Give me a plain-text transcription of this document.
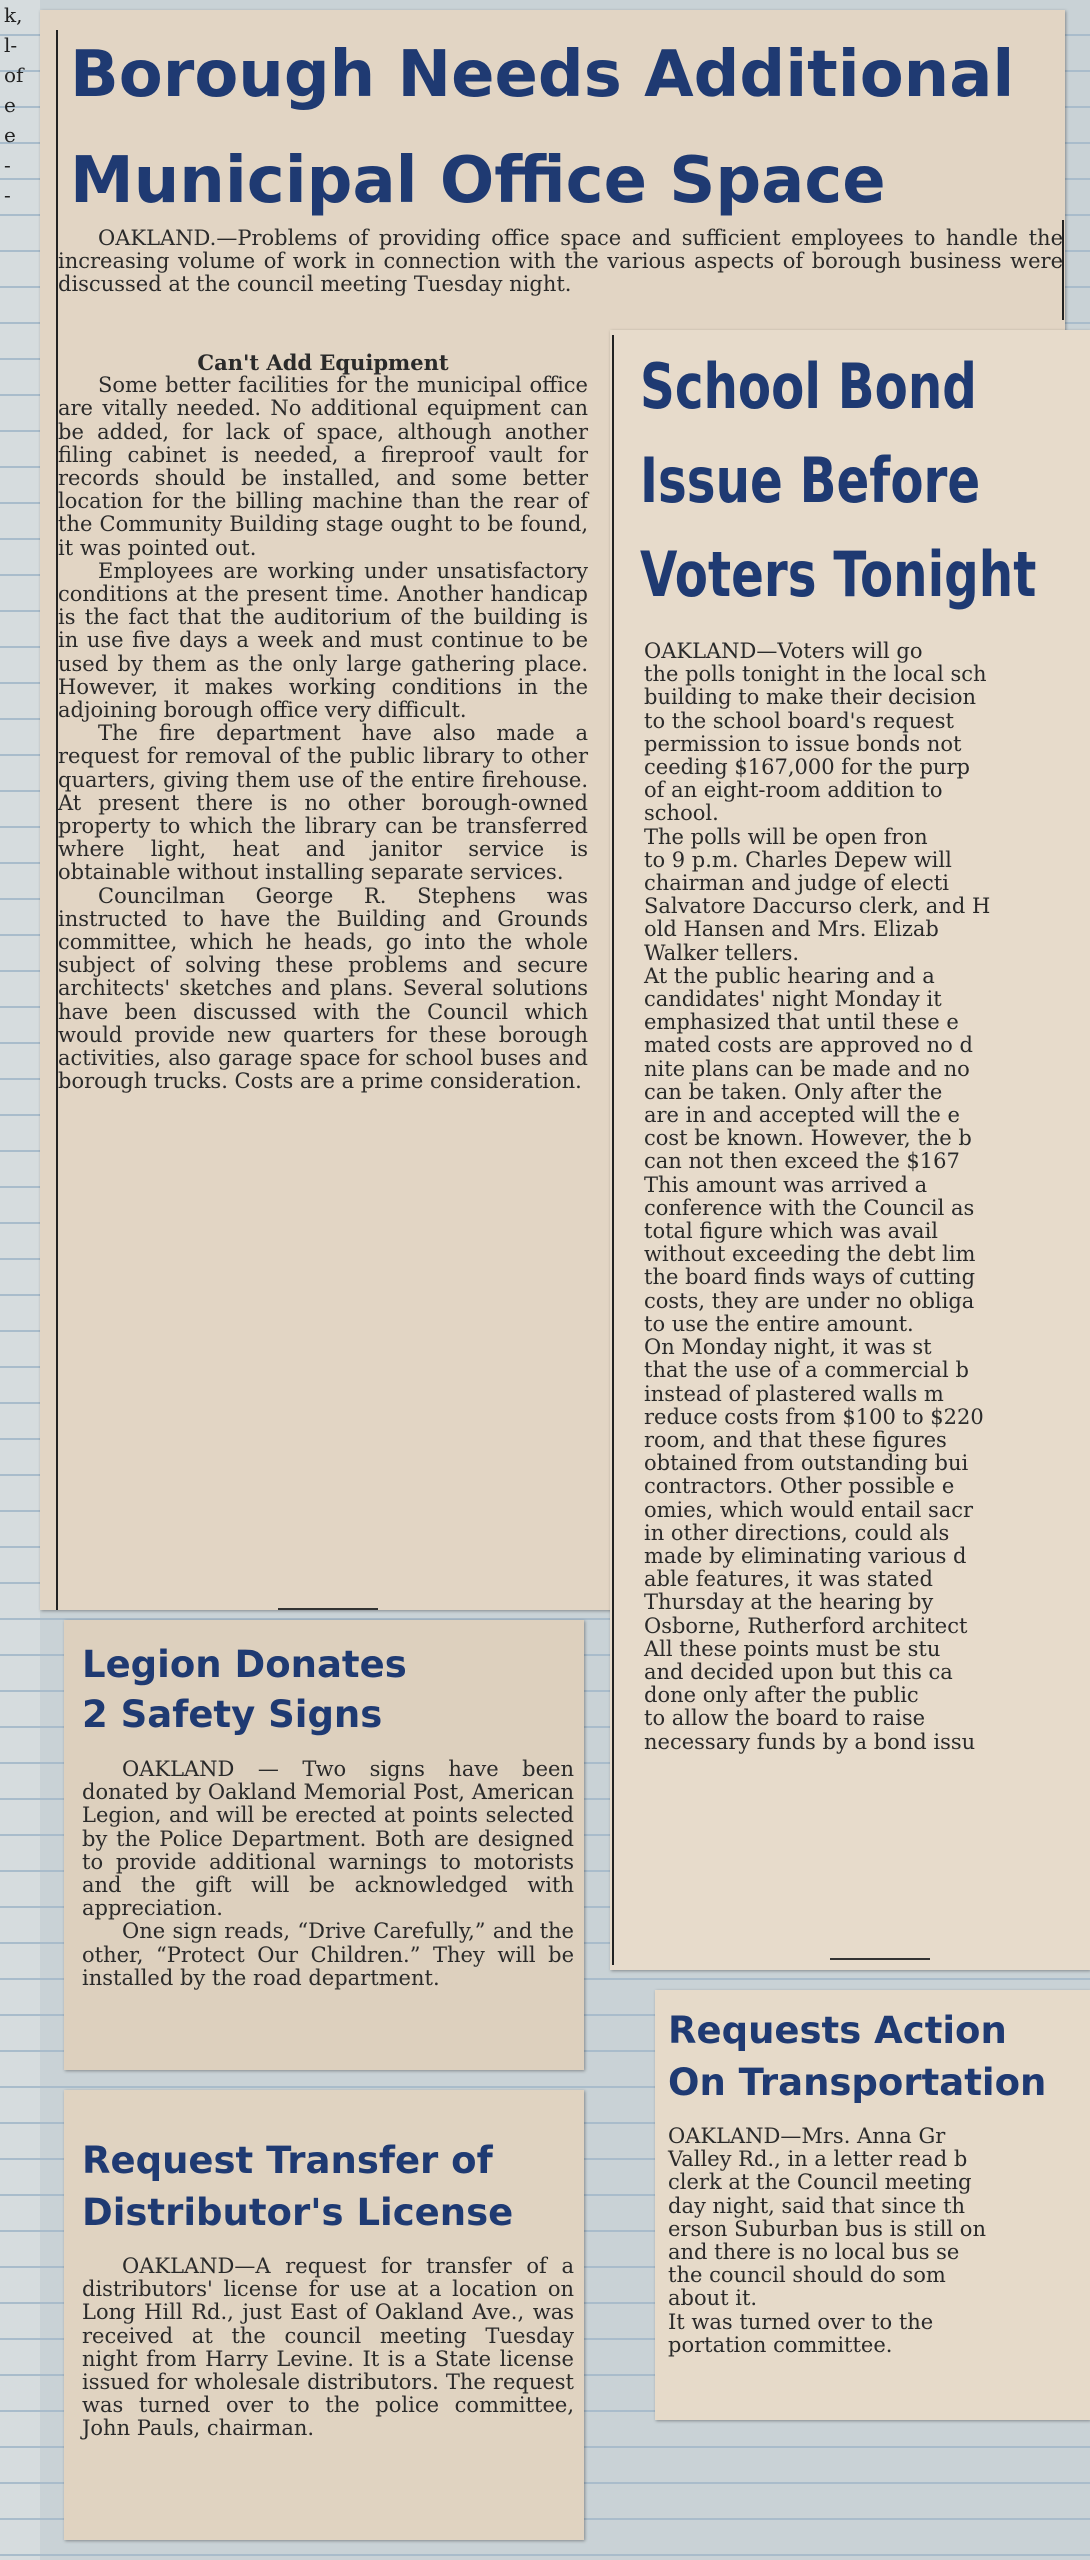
k,
l-
of
e
e
-
-
Borough Needs Additional
Municipal Office Space

OAKLAND.—Problems of providing office space and sufficient employees to handle the increasing volume of work in connection with the various aspects of borough business were discussed at the council meeting Tuesday night.

Can't Add Equipment

Some better facilities for the municipal office are vitally needed. No additional equipment can be added, for lack of space, although another filing cabinet is needed, a fireproof vault for records should be installed, and some better location for the billing machine than the rear of the Community Building stage ought to be found, it was pointed out.

Employees are working under unsatisfactory conditions at the present time. Another handicap is the fact that the auditorium of the building is in use five days a week and must continue to be used by them as the only large gathering place. However, it makes working conditions in the adjoining borough office very difficult.

The fire department have also made a request for removal of the public library to other quarters, giving them use of the entire firehouse. At present there is no other borough-owned property to which the library can be transferred where light, heat and janitor service is obtainable without installing separate services.

Councilman George R. Stephens was instructed to have the Building and Grounds committee, which he heads, go into the whole subject of solving these problems and secure architects' sketches and plans. Several solutions have been discussed with the Council which would provide new quarters for these borough activities, also garage space for school buses and borough trucks. Costs are a prime consideration.

School Bond
Issue Before
Voters Tonight

OAKLAND—Voters will go

the polls tonight in the local sch

building to make their decision

to the school board's request

permission to issue bonds not

ceeding $167,000 for the purp

of an eight-room addition to

school.

The polls will be open fron

to 9 p.m. Charles Depew will

chairman and judge of electi

Salvatore Daccurso clerk, and H

old Hansen and Mrs. Elizab

Walker tellers.

At the public hearing and a

candidates' night Monday it

emphasized that until these e

mated costs are approved no d

nite plans can be made and no

can be taken. Only after the

are in and accepted will the e

cost be known. However, the b

can not then exceed the $167

This amount was arrived a

conference with the Council as

total figure which was avail

without exceeding the debt lim

the board finds ways of cutting

costs, they are under no obliga

to use the entire amount.

On Monday night, it was st

that the use of a commercial b

instead of plastered walls m

reduce costs from $100 to $220

room, and that these figures

obtained from outstanding bui

contractors. Other possible e

omies, which would entail sacr

in other directions, could als

made by eliminating various d

able features, it was stated

Thursday at the hearing by

Osborne, Rutherford architect

All these points must be stu

and decided upon but this ca

done only after the public

to allow the board to raise

necessary funds by a bond issu

Legion Donates
2 Safety Signs

OAKLAND — Two signs have been donated by Oakland Memorial Post, American Legion, and will be erected at points selected by the Police Department. Both are designed to provide additional warnings to motorists and the gift will be acknowledged with appreciation.

One sign reads, “Drive Carefully,” and the other, “Protect Our Children.” They will be installed by the road department.

Request Transfer of
Distributor's License

OAKLAND—A request for transfer of a distributors' license for use at a location on Long Hill Rd., just East of Oakland Ave., was received at the council meeting Tuesday night from Harry Levine. It is a State license issued for wholesale distributors. The request was turned over to the police committee, John Pauls, chairman.

Requests Action
On Transportation

OAKLAND—Mrs. Anna Gr

Valley Rd., in a letter read b

clerk at the Council meeting

day night, said that since th

erson Suburban bus is still on

and there is no local bus se

the council should do som

about it.

It was turned over to the

portation committee.
